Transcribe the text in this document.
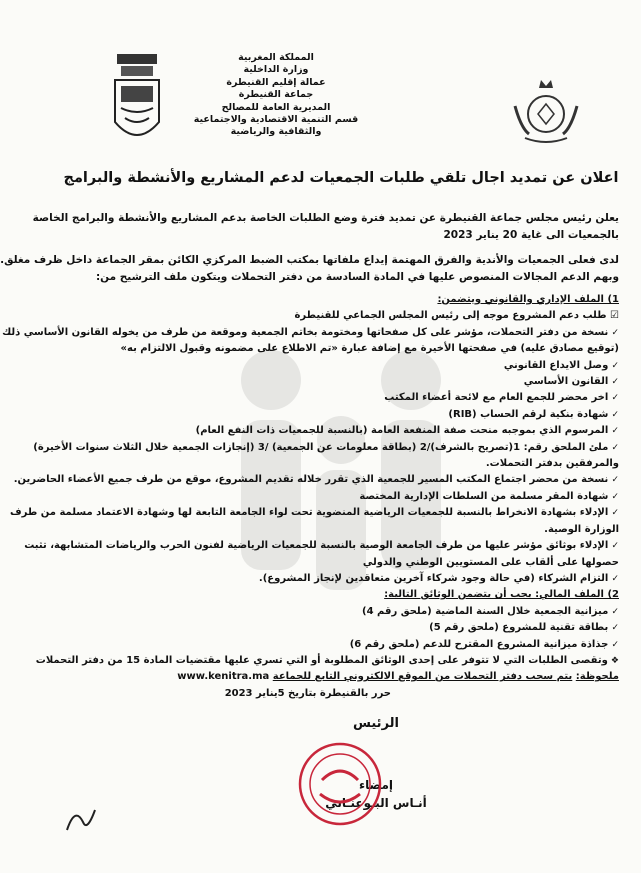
المملكة المغربية
وزارة الداخلية
عمالة إقليم القنيطرة
جماعة القنيطرة
المديرية العامة للمصالح
قسم التنمية الاقتصادية والاجتماعية
والثقافية والرياضية
اعلان عن تمديد اجال تلقي طلبات الجمعيات لدعم المشاريع والأنشطة والبرامج
يعلن رئيس مجلس جماعة القنيطرة عن تمديد فترة وضع الطلبات الخاصة بدعم المشاريع والأنشطة والبرامج الخاصة
بالجمعيات الى غاية 20 يناير 2023
لدى فعلى الجمعيات والأندية والفرق المهتمة إيداع ملفاتها بمكتب الضبط المركزي الكائن بمقر الجماعة داخل ظرف مغلق.
وبهم الدعم المجالات المنصوص عليها في المادة السادسة من دفتر التحملات ويتكون ملف الترشيح من:
1) الملف الإداري والقانوني ويتضمن:
☑ طلب دعم المشروع موجه إلى رئيس المجلس الجماعي للقنيطرة
✓ نسخة من دفتر التحملات، مؤشر على كل صفحاتها ومختومة بخاتم الجمعية وموقعة من طرف من يخوله القانون الأساسي ذلك
(توقيع مصادق عليه) في صفحتها الأخيرة مع إضافة عبارة «تم الاطلاع على مضمونه وقبول الالتزام به»
✓ وصل الايداع القانوني
✓ القانون الأساسي
✓ اخر محضر للجمع العام مع لائحة أعضاء المكتب
✓ شهادة بنكية لرقم الحساب (RIB)
✓ المرسوم الذي بموجبه منحت صفة المنفعة العامة (بالنسبة للجمعيات ذات النفع العام)
✓ ملئ الملحق رقم: 1(تصريح بالشرف)/2 (بطاقة معلومات عن الجمعية) /3 (إنجازات الجمعية خلال الثلاث سنوات الأخيرة)
والمرفقين بدفتر التحملات.
✓ نسخة من محضر اجتماع المكتب المسير للجمعية الذي تقرر خلاله تقديم المشروع، موقع من طرف جميع الأعضاء الحاضرين.
✓ شهادة المقر مسلمة من السلطات الإدارية المختصة
✓ الإدلاء بشهادة الانخراط بالنسبة للجمعيات الرياضية المنضوية تحت لواء الجامعة التابعة لها وشهادة الاعتماد مسلمة من طرف
الوزارة الوصية.
✓ الإدلاء بوثائق مؤشر عليها من طرف الجامعة الوصية بالنسبة للجمعيات الرياضية لفنون الحرب والرياضات المتشابهة، تثبت
حصولها على ألقاب على المستويين الوطني والدولي
✓ التزام الشركاء (في حالة وجود شركاء آخرين متعاقدين لإنجاز المشروع).
2) الملف المالي: يجب أن يتضمن الوثائق التالية:
✓ ميزانية الجمعية خلال السنة الماضية (ملحق رقم 4)
✓ بطاقة تقنية للمشروع (ملحق رقم 5)
✓ جذاذة ميزانية المشروع المقترح للدعم (ملحق رقم 6)
❖ وتقصى الطلبات التي لا تتوفر على إحدى الوثائق المطلوبة أو التي تسري عليها مقتضيات المادة 15 من دفتر التحملات
ملحوظة: يتم سحب دفتر التحملات من الموقع الالكتروني التابع للجماعة www.kenitra.ma
حرر بالقنيطرة بتاريخ 5يناير 2023
الرئيس
إمضاء
أنـاس البـوعنـاني
